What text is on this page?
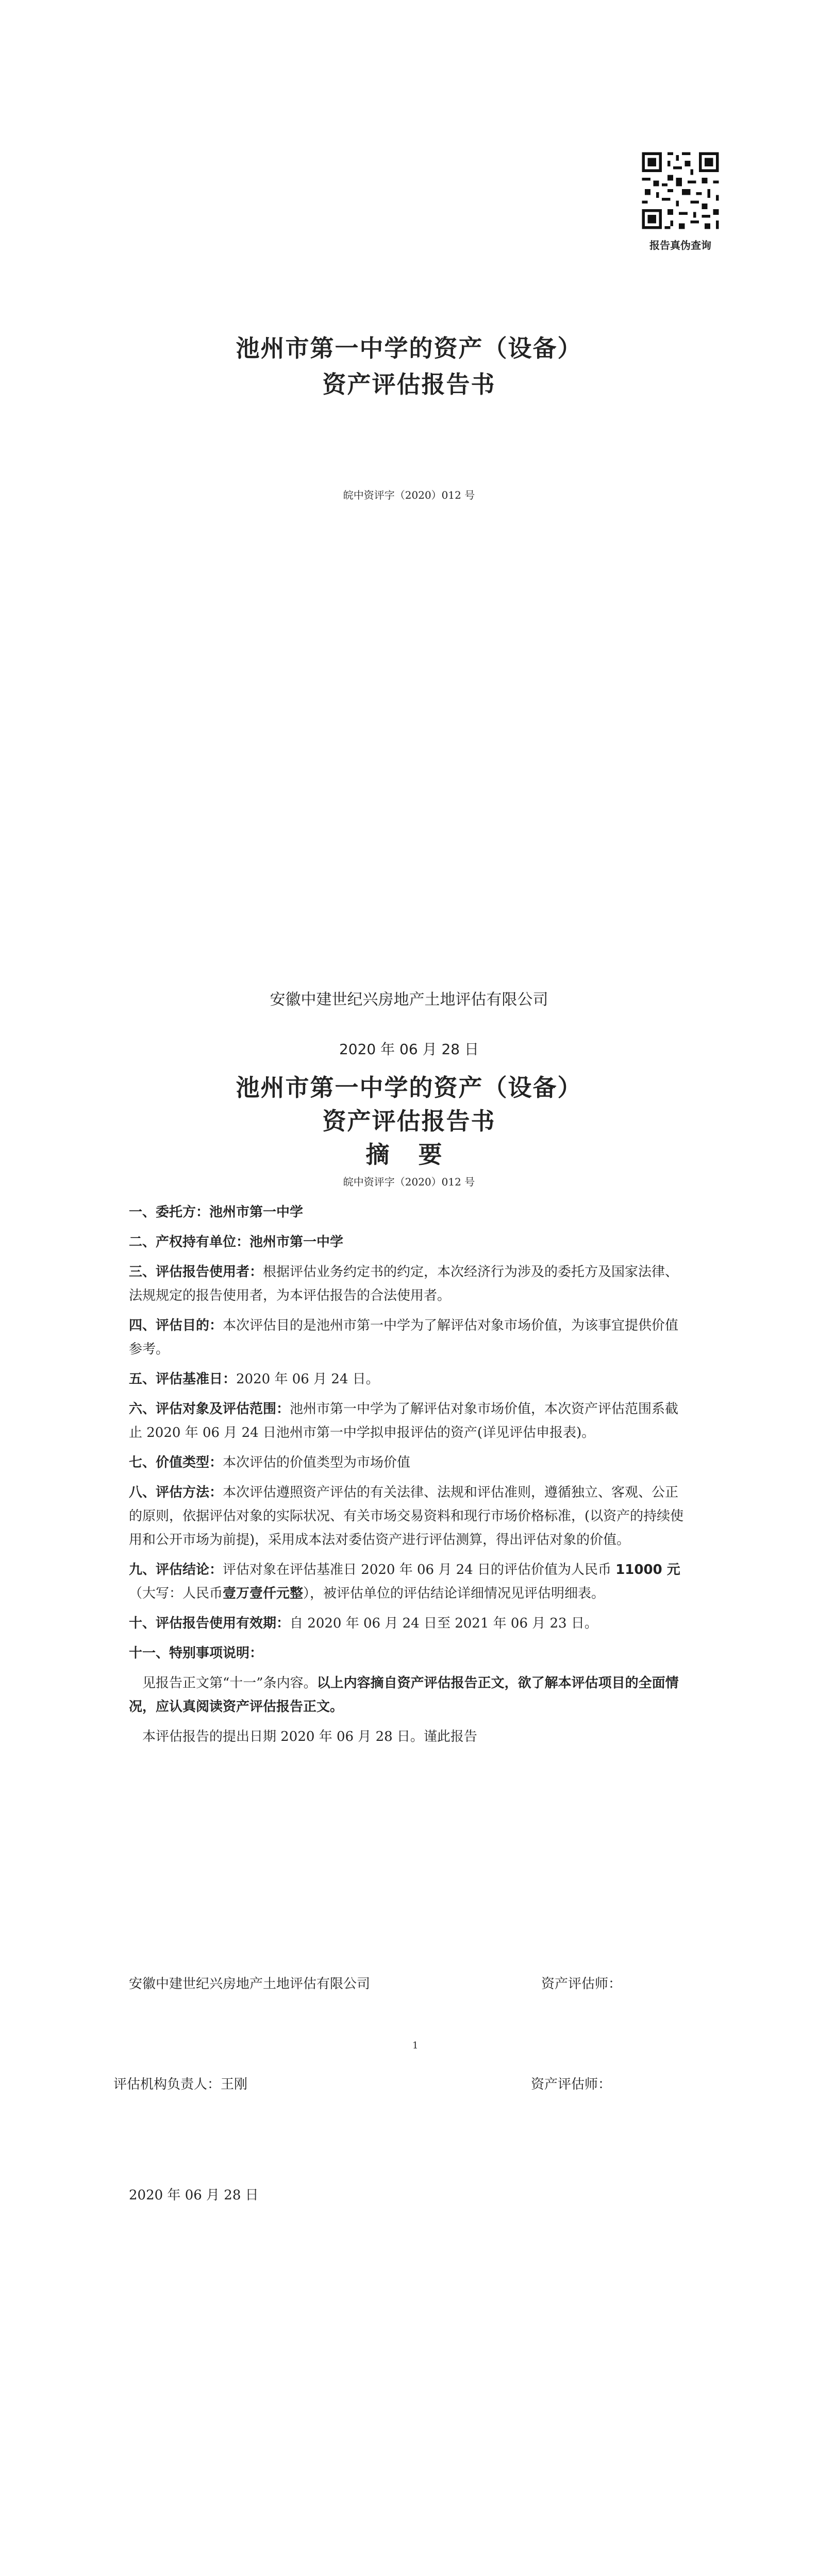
报告真伪查询
池州市第一中学的资产（设备）
资产评估报告书
皖中资评字（2020）012 号
安徽中建世纪兴房地产土地评估有限公司
2020 年 06 月 28 日
池州市第一中学的资产（设备）
资产评估报告书
摘 要
皖中资评字（2020）012 号

一、委托方：池州市第一中学

二、产权持有单位：池州市第一中学

三、评估报告使用者：根据评估业务约定书的约定，本次经济行为涉及的委托方及国家法律、法规规定的报告使用者，为本评估报告的合法使用者。

四、评估目的：本次评估目的是池州市第一中学为了解评估对象市场价值，为该事宜提供价值参考。

五、评估基准日：2020 年 06 月 24 日。

六、评估对象及评估范围：池州市第一中学为了解评估对象市场价值，本次资产评估范围系截止 2020 年 06 月 24 日池州市第一中学拟申报评估的资产(详见评估申报表)。

七、价值类型：本次评估的价值类型为市场价值

八、评估方法：本次评估遵照资产评估的有关法律、法规和评估准则，遵循独立、客观、公正的原则，依据评估对象的实际状况、有关市场交易资料和现行市场价格标准，(以资产的持续使用和公开市场为前提)，采用成本法对委估资产进行评估测算，得出评估对象的价值。

九、评估结论：评估对象在评估基准日 2020 年 06 月 24 日的评估价值为人民币 11000 元（大写：人民币壹万壹仟元整），被评估单位的评估结论详细情况见评估明细表。

十、评估报告使用有效期：自 2020 年 06 月 24 日至 2021 年 06 月 23 日。

十一、特别事项说明：

见报告正文第“十一”条内容。以上内容摘自资产评估报告正文，欲了解本评估项目的全面情况，应认真阅读资产评估报告正文。

本评估报告的提出日期 2020 年 06 月 28 日。谨此报告

安徽中建世纪兴房地产土地评估有限公司	资产评估师：
1
评估机构负责人：王刚	资产评估师：
2020 年 06 月 28 日
